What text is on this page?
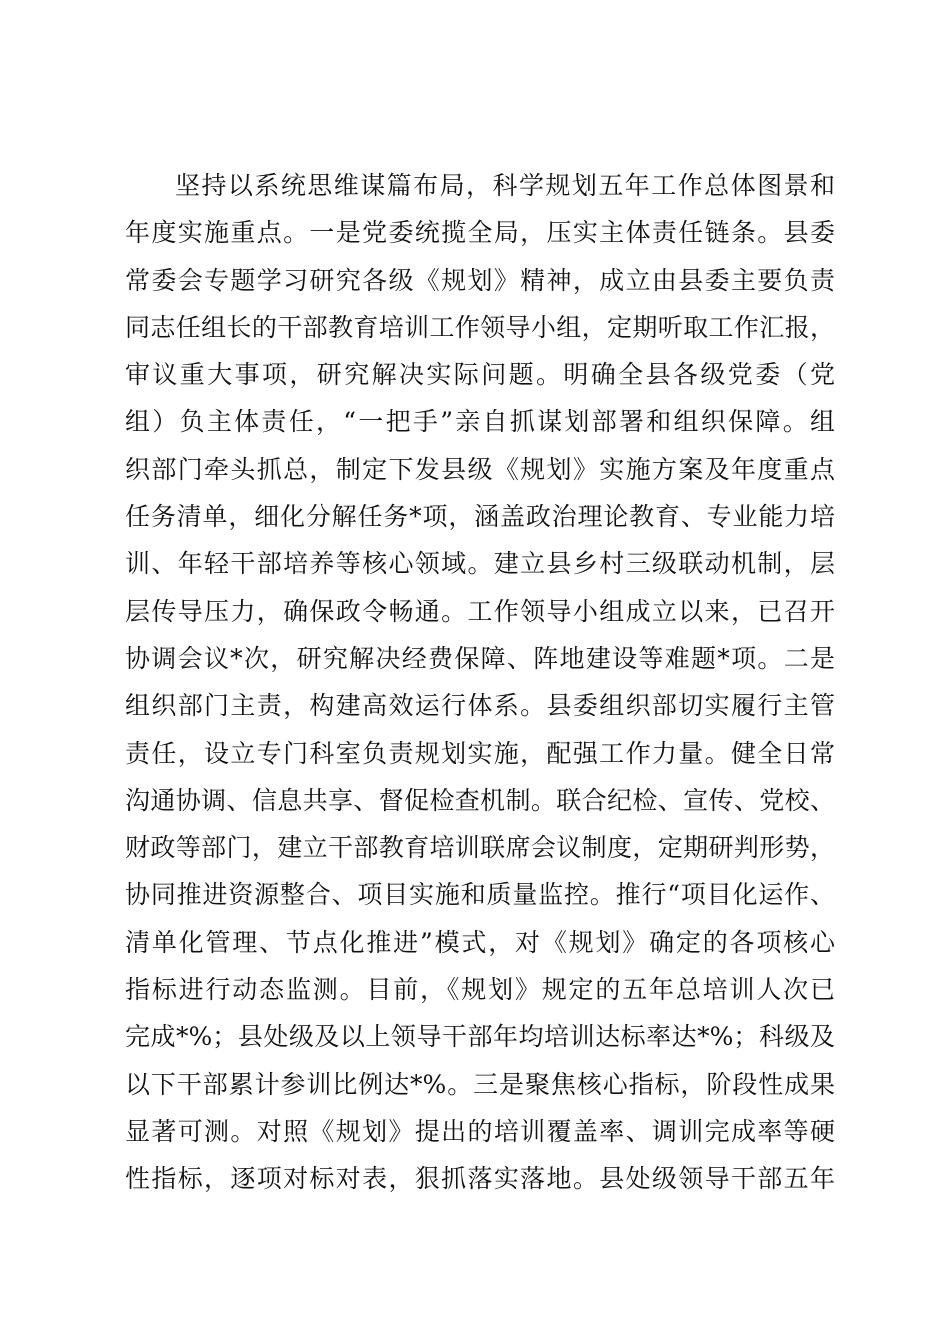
坚持以系统思维谋篇布局，科学规划五年工作总体图景和
年度实施重点。一是党委统揽全局，压实主体责任链条。县委
常委会专题学习研究各级《规划》精神，成立由县委主要负责
同志任组长的干部教育培训工作领导小组，定期听取工作汇报，
审议重大事项，研究解决实际问题。明确全县各级党委（党
组）负主体责任，“一把手”亲自抓谋划部署和组织保障。组
织部门牵头抓总，制定下发县级《规划》实施方案及年度重点
任务清单，细化分解任务*项，涵盖政治理论教育、专业能力培
训、年轻干部培养等核心领域。建立县乡村三级联动机制，层
层传导压力，确保政令畅通。工作领导小组成立以来，已召开
协调会议*次，研究解决经费保障、阵地建设等难题*项。二是
组织部门主责，构建高效运行体系。县委组织部切实履行主管
责任，设立专门科室负责规划实施，配强工作力量。健全日常
沟通协调、信息共享、督促检查机制。联合纪检、宣传、党校、
财政等部门，建立干部教育培训联席会议制度，定期研判形势，
协同推进资源整合、项目实施和质量监控。推行“项目化运作、
清单化管理、节点化推进”模式，对《规划》确定的各项核心
指标进行动态监测。目前，《规划》规定的五年总培训人次已
完成*%；县处级及以上领导干部年均培训达标率达*%；科级及
以下干部累计参训比例达*%。三是聚焦核心指标，阶段性成果
显著可测。对照《规划》提出的培训覆盖率、调训完成率等硬
性指标，逐项对标对表，狠抓落实落地。县处级领导干部五年
